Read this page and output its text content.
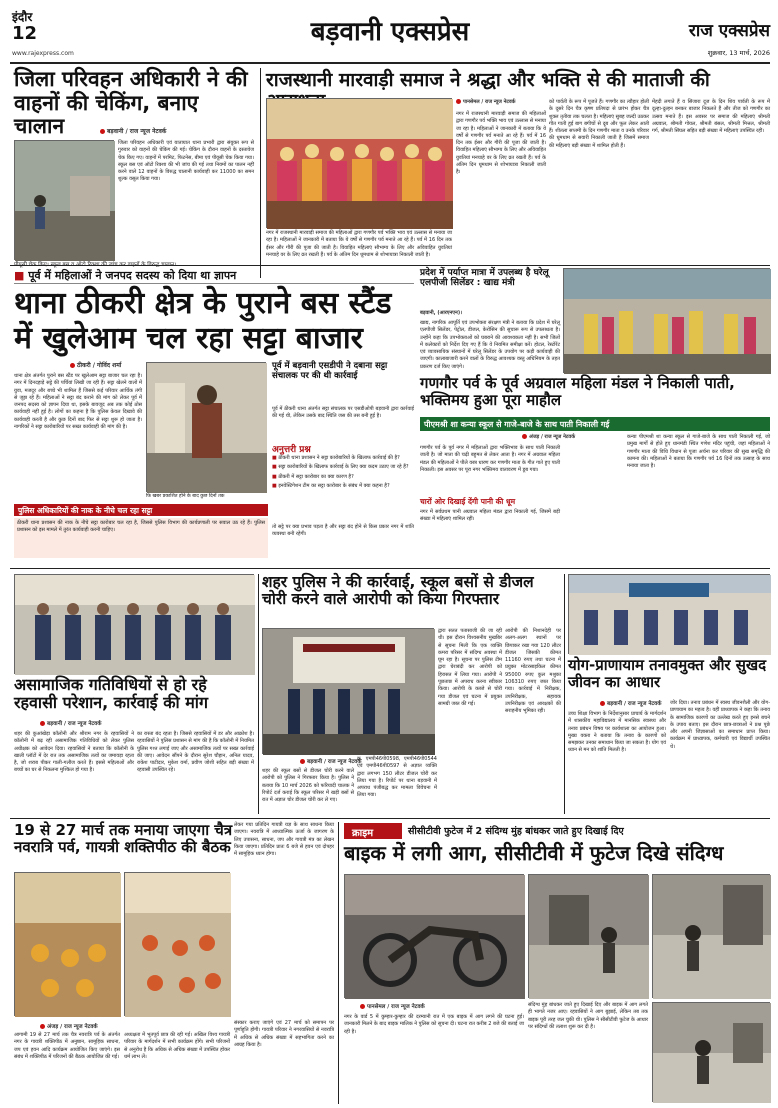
इंदौर
12
www.rajexpress.com
बड़वानी एक्सप्रेस	राज एक्सप्रेस
शुक्रवार, 13 मार्च, 2026
जिला परिवहन अधिकारी ने की वाहनों की चेकिंग, बनाए चालान	बड़वानी / राज न्यूज नेटवर्क
जिला परिवहन अधिकारी एवं यातायात थाना प्रभारी द्वारा संयुक्त रूप से गुरुवार को वाहनों की चेकिंग की गई। चेकिंग के दौरान वाहनों के दस्तावेज चेक किए गए। वाहनों में परमिट, फिटनेस, बीमा एवं पीयूसी चेक किया गया। स्कूल बस एवं ऑटो रिक्शा की भी जांच की गई तथा नियमों का पालन नहीं करने वाले 12 वाहनों के विरुद्ध चालानी कार्यवाही कर 11000 का समन शुल्क वसूल किया गया।
राजस्थानी मारवाड़ी समाज ने श्रद्धा और भक्ति से की माताजी की
पानसेमल / राज न्यूज नेटवर्क
नगर में राजस्थानी मारवाड़ी समाज की महिलाओं द्वारा गणगौर पर्व भक्ति भाव एवं उल्लास से मनाया जा रहा है। महिलाओं ने जानकारी में बताया कि ये वर्षों से गणगौर पर्व मनाते आ रहे हैं। पर्व में 16 दिन तक ईसर और गौरी की पूजा की जाती है। विवाहित महिलाएं सौभाग्य के लिए और अविवाहित युवतियां मनचाहे वर के लिए व्रत रखती हैं। पर्व के अंतिम दिन धूमधाम से शोभायात्रा निकाली जाती है।
को पार्वती के रूप में पूजते हैं। गणगौर का त्यौहार होली के दूसरे दिन चैत्र कृष्ण प्रतिपदा से प्रारंभ होकर चैत्र शुक्ल तृतीया तक चलता है। महिलाएं सुबह जल्दी उठकर गीत गाती हुई बाग बगीचों से दूब और फूल लेकर आती हैं। शीतला सप्तमी के दिन गणगौर माता व उनके परिवार की धूमधाम से सवारी निकाली जाती है जिसमें समाज की महिलाएं बड़ी संख्या में शामिल होती हैं।
मेंहदी लगाते हैं व सिंजारा दूज के दिन शिव पार्वती के रूप में दूल्हा-दुल्हन बनकर बाजार निकलते हैं और तीज को गणगौर का उत्सव मनाते हैं। इस अवसर पर समाज की महिलाएं श्रीमती अग्रवाल, श्रीमती गोयल, श्रीमती बंसल, श्रीमती मित्तल, श्रीमती गर्ग, श्रीमती सिंघल सहित बड़ी संख्या में महिलाएं उपस्थित रहीं।
नगर में राजस्थानी मारवाड़ी समाज की महिलाओं द्वारा गणगौर पर्व भक्ति भाव एवं उल्लास से मनाया जा रहा है। महिलाओं ने जानकारी में बताया कि ये वर्षों से गणगौर पर्व मनाते आ रहे हैं। पर्व में 16 दिन तक ईसर और गौरी की पूजा की जाती है। विवाहित महिलाएं सौभाग्य के लिए और अविवाहित युवतियां मनचाहे वर के लिए व्रत रखती हैं। पर्व के अंतिम दिन धूमधाम से शोभायात्रा निकाली जाती है।
■ पूर्व में महिलाओं ने जनपद सदस्य को दिया था ज्ञापन
थाना ठीकरी क्षेत्र के पुराने बस स्टैंड में खुलेआम चल रहा सट्टा बाजार
ठीकरी / गोविंद शर्मा
थाना क्षेत्र अंतर्गत पुराने बस स्टैंड पर खुलेआम सट्टा बाजार चल रहा है। नगर में दिनदहाड़े सट्टे की पर्चियां लिखी जा रही हैं। सट्टा खेलने वालों में युवा, मजदूर और बच्चे भी शामिल हैं जिससे कई परिवार आर्थिक तंगी से जूझ रहे हैं। महिलाओं ने सट्टा बंद कराने की मांग को लेकर पूर्व में जनपद सदस्य को ज्ञापन दिया था, इसके बावजूद अब तक कोई ठोस कार्यवाही नहीं हुई है। लोगों का कहना है कि पुलिस केवल दिखावे की कार्यवाही करती है और कुछ दिनों बाद फिर से सट्टा शुरू हो जाता है। नागरिकों ने सट्टा कारोबारियों पर सख्त कार्यवाही की मांग की है।
फ़ि खबर प्रकाशित होने के बाद कुछ दिनों तक
पूर्व में बड़वानी एसडीपी ने दबाना सट्टा संचालक पर की थी कार्रवाई
पूर्व में ठीकरी थाना अंतर्गत सट्टा संचालक पर एसडीओपी बड़वानी द्वारा कार्रवाई की गई थी, लेकिन उसके बाद स्थिति जस की तस बनी हुई है।
अनुत्तरी प्रश्न
■ ठीकरी थाना प्रशासन ने सट्टा कारोबारियों के खिलाफ कार्रवाई की है?
■ सट्टा कारोबारियों के खिलाफ कार्रवाई के लिए क्या कदम उठाए जा रहे हैं?
■ ठीकरी में सट्टा कारोबार का क्या कारण है?
■ इनवेस्टिगेशन टीम का सट्टा कारोबार के संबंध में क्या कहना है?
तो सट्टे पर क्या प्रभाव पड़ता है और सट्टा बंद होने से किस प्रकार नगर में शांति व्यवस्था बनी रहेगी।
पुलिस अधिकारियों की नाक के नीचे चल रहा सट्टा
ठीकरी थाना प्रशासन की नाक के नीचे सट्टा कारोबार चल रहा है, जिससे पुलिस विभाग की कार्यप्रणाली पर सवाल उठ रहे हैं। पुलिस प्रशासन को इस मामले में तुरंत कार्यवाही करनी चाहिए।
प्रदेश में पर्याप्त मात्रा में उपलब्ध है घरेलू एलपीजी सिलेंडर : खाद्य मंत्री
बड़वानी, (आरएनएन)।
खाद्य, नागरिक आपूर्ति एवं उपभोक्ता संरक्षण मंत्री ने बताया कि प्रदेश में घरेलू एलपीजी सिलेंडर, पेट्रोल, डीजल, केरोसिन की सुचारू रूप से उपलब्धता है। उन्होंने कहा कि उपभोक्ताओं को घबराने की आवश्यकता नहीं है। सभी जिलों में कलेक्टरों को निर्देश दिए गए हैं कि वे नियमित समीक्षा करें। होटल, रेस्टोरेंट एवं व्यावसायिक संस्थानों में घरेलू सिलेंडर के उपयोग पर कड़ी कार्यवाही की जाएगी। कालाबाजारी करने वालों के विरुद्ध आवश्यक वस्तु अधिनियम के तहत प्रकरण दर्ज किए जाएंगे।
चारों ओर दिखाई देंगी पानी की धूम
नगर में सर्वप्रथम पानी अग्रवाल महिला मंडल द्वारा निकाली गई, जिसमें बड़ी संख्या में महिलाएं शामिल रहीं।
गणगौर पर्व के पूर्व अग्रवाल महिला मंडल ने निकाली पाती, भक्तिमय हुआ पूरा माहौल
पीएमश्री शा कन्या स्कूल से गाजे-बाजे के साथ पाती निकाली गई
अंजड़ / राज न्यूज नेटवर्क
गणगौर पर्व के पूर्व नगर में महिलाओं द्वारा भक्तिभाव के साथ पाती निकाली जाती है। जो माता की चढ़ी बहुमत से लेकर आता है। नगर में अग्रवाल महिला मंडल की महिलाओं ने पीले वस्त्र धारण कर गणगौर माता के गीत गाते हुए पाती निकाली। इस अवसर पर पूरा नगर भक्तिमय वातावरण में डूब गया।
कन्या पीएमश्री शा कन्या स्कूल से गाजे-बाजे के साथ पाती निकाली गई, जो प्रमुख मार्गों से होते हुए धानमंडी स्थित गणेश मंदिर पहुंची, जहां महिलाओं ने गणगौर माता की विधि विधान से पूजा अर्चना कर परिवार की सुख समृद्धि की कामना की। महिलाओं ने बताया कि गणगौर पर्व 16 दिनों तक उत्साह के साथ मनाया जाता है।
असामाजिक गतिविधियों से हो रहे रहवासी परेशान, कार्रवाई की मांग
बड़वानी / राज न्यूज नेटवर्क
शहर की कुआंखेड़ा कॉलोनी और श्रीराम नगर के रहवासियों ने कॉलोनी में बढ़ रही असामाजिक गतिविधियों को लेकर पुलिस अधीक्षक को आवेदन दिया। रहवासियों ने बताया कि कॉलोनी के खाली प्लॉटों में देर रात तक असामाजिक तत्वों का जमावड़ा रहता है, जो शराब पीकर गाली-गलौज करते हैं। इससे महिलाओं और बच्चों का घर से निकलना मुश्किल हो गया है।
का रास्ता बंद रहता है। जिससे रहवासियों में डर और आक्रोश है। रहवासियों ने पुलिस प्रशासन से मांग की है कि कॉलोनी में नियमित पुलिस गश्त लगाई जाए और असामाजिक तत्वों पर सख्त कार्रवाई की जाए। आवेदन सौंपने के दौरान सुरेश चौहान, अनिल यादव, राकेश पाटीदार, मुकेश वर्मा, प्रवीण जोशी सहित बड़ी संख्या में रहवासी उपस्थित रहे।
शहर पुलिस ने की कार्रवाई, स्कूल बसों से डीजल चोरी करने वाले आरोपी को किया गिरफ्तार
बड़वानी / राज न्यूज नेटवर्क
शहर की स्कूल बसों से डीजल चोरी करने वाले आरोपी को पुलिस ने गिरफ्तार किया है। पुलिस ने बताया कि 10 मार्च 2026 को फरियादी चालक ने रिपोर्ट दर्ज कराई कि स्कूल परिसर में खड़ी बसों से रात में अज्ञात चोर डीजल चोरी कर ले गए।
क्र. एमपी46पी0598, एमपी46पी0544 एवं एमपी46पी0597 से अज्ञात व्यक्ति द्वारा लगभग 150 लीटर डीजल चोरी कर लिया गया है। रिपोर्ट पर थाना बड़वानी में अपराध पंजीबद्ध कर मामला विवेचना में लिया गया।
द्वारा सतत पतासाजी की जा रही थी। इस दौरान विश्वसनीय मुखबिर से सूचना मिली कि एक व्यक्ति कमरा परिसर में संदिग्ध अवस्था में घूम रहा है। सूचना पर पुलिस टीम द्वारा घेराबंदी कर आरोपी को हिरासत में लिया गया। आरोपी ने पूछताछ में अपराध करना स्वीकार किया। आरोपी के कब्जे से चोरी गया डीजल एवं घटना में प्रयुक्त सामग्री जब्त की गई।
आरोपी की निशानदेही पर अलग-अलग स्थानों पर छिपाकर रखा गया 120 लीटर डीजल जिसकी कीमत 11160 रुपए तथा घटना में प्रयुक्त मोटरसाइकिल कीमत 95000 रुपए कुल मश्रुका 106310 रुपए जब्त किया गया। कार्रवाई में निरीक्षक, उपनिरीक्षक, सहायक उपनिरीक्षक एवं आरक्षकों की सराहनीय भूमिका रही।
योग-प्राणायाम तनावमुक्त और सुखद जीवन का आधार
बड़वानी / राज न्यूज नेटवर्क
उच्च शिक्षा विभाग के निर्देशानुसार प्राचार्य के मार्गदर्शन में शासकीय महाविद्यालय में मानसिक स्वास्थ्य और तनाव प्रबंधन विषय पर कार्यशाला का आयोजन हुआ। मुख्य वक्ता ने बताया कि तनाव के कारणों को समझकर उनका समाधान किया जा सकता है। योग एवं ध्यान से मन को शांति मिलती है।
जोर दिया। तनाव प्रबंधन में स्वस्थ जीवनशैली और योग-प्राणायाम का महत्व है। वहीं प्राध्यापक ने कहा कि तनाव के सामाजिक कारणों का उल्लेख करते हुए इनसे बचने के उपाय बताए। इस दौरान छात्र-छात्राओं ने प्रश्न पूछे और अपनी जिज्ञासाओं का समाधान प्राप्त किया। कार्यक्रम में प्राध्यापक, कर्मचारी एवं विद्यार्थी उपस्थित थे।
19 से 27 मार्च तक मनाया जाएगा चैत्र नवरात्रि पर्व, गायत्री शक्तिपीठ की बैठक
लेकर गया प्रतिदिन गायत्री यज्ञ के साथ साधना किया जाएगा। नवरात्रि में आध्यात्मिक ऊर्जा के जागरण के लिए उपासना, साधना, जप और गायत्री मंत्र का लेखन किया जाएगा। प्रतिदिन प्रातः 6 बजे से हवन एवं दोपहर में सामूहिक ध्यान होगा।
अंजड़ / राज न्यूज नेटवर्क
आगामी 19 से 27 मार्च तक चैत्र नवरात्रि पर्व के अंतर्गत नगर के गायत्री शक्तिपीठ में अनुष्ठान, सामूहिक साधना, जप एवं हवन आदि कार्यक्रम आयोजित किए जाएंगे। इस संबंध में शक्तिपीठ में परिजनों की बैठक आयोजित की गई।
अध्यक्षता में भूतपूर्व छात्र की रही गई। अखिल विश्व गायत्री परिवार के मार्गदर्शन में सभी कार्यक्रम होंगे। सभी परिजनों से अनुरोध है कि अधिक से अधिक संख्या में उपस्थित होकर धर्म लाभ लें।
संस्कार कराए जाएंगे एवं 27 मार्च को समापन पर पूर्णाहुति होगी। गायत्री परिवार ने नगरवासियों से नवरात्रि में अधिक से अधिक संख्या में सहभागिता करने का आग्रह किया है।
क्राइम	सीसीटीवी फुटेज में 2 संदिग्ध मुंह बांधकर जाते हुए दिखाई दिए
बाइक में लगी आग, सीसीटीवी में फुटेज दिखे संदिग्ध
पानसेमल / राज न्यूज नेटवर्क
नगर के वार्ड 5 में कुम्हार-कुम्हार की दरम्यानी रात में एक बाइक में आग लगने की घटना हुई। जानकारी मिलने के बाद बाइक मालिक ने पुलिस को सूचना दी। घटना रात करीब 2 बजे की बताई जा रही है।
संदिग्ध मुंह बांधकर जाते हुए दिखाई दिए और बाइक में आग लगते ही भागते नजर आए। रहवासियों ने आग बुझाई, लेकिन तब तक बाइक पूरी तरह जल चुकी थी। पुलिस ने सीसीटीवी फुटेज के आधार पर संदिग्धों की तलाश शुरू कर दी है।
